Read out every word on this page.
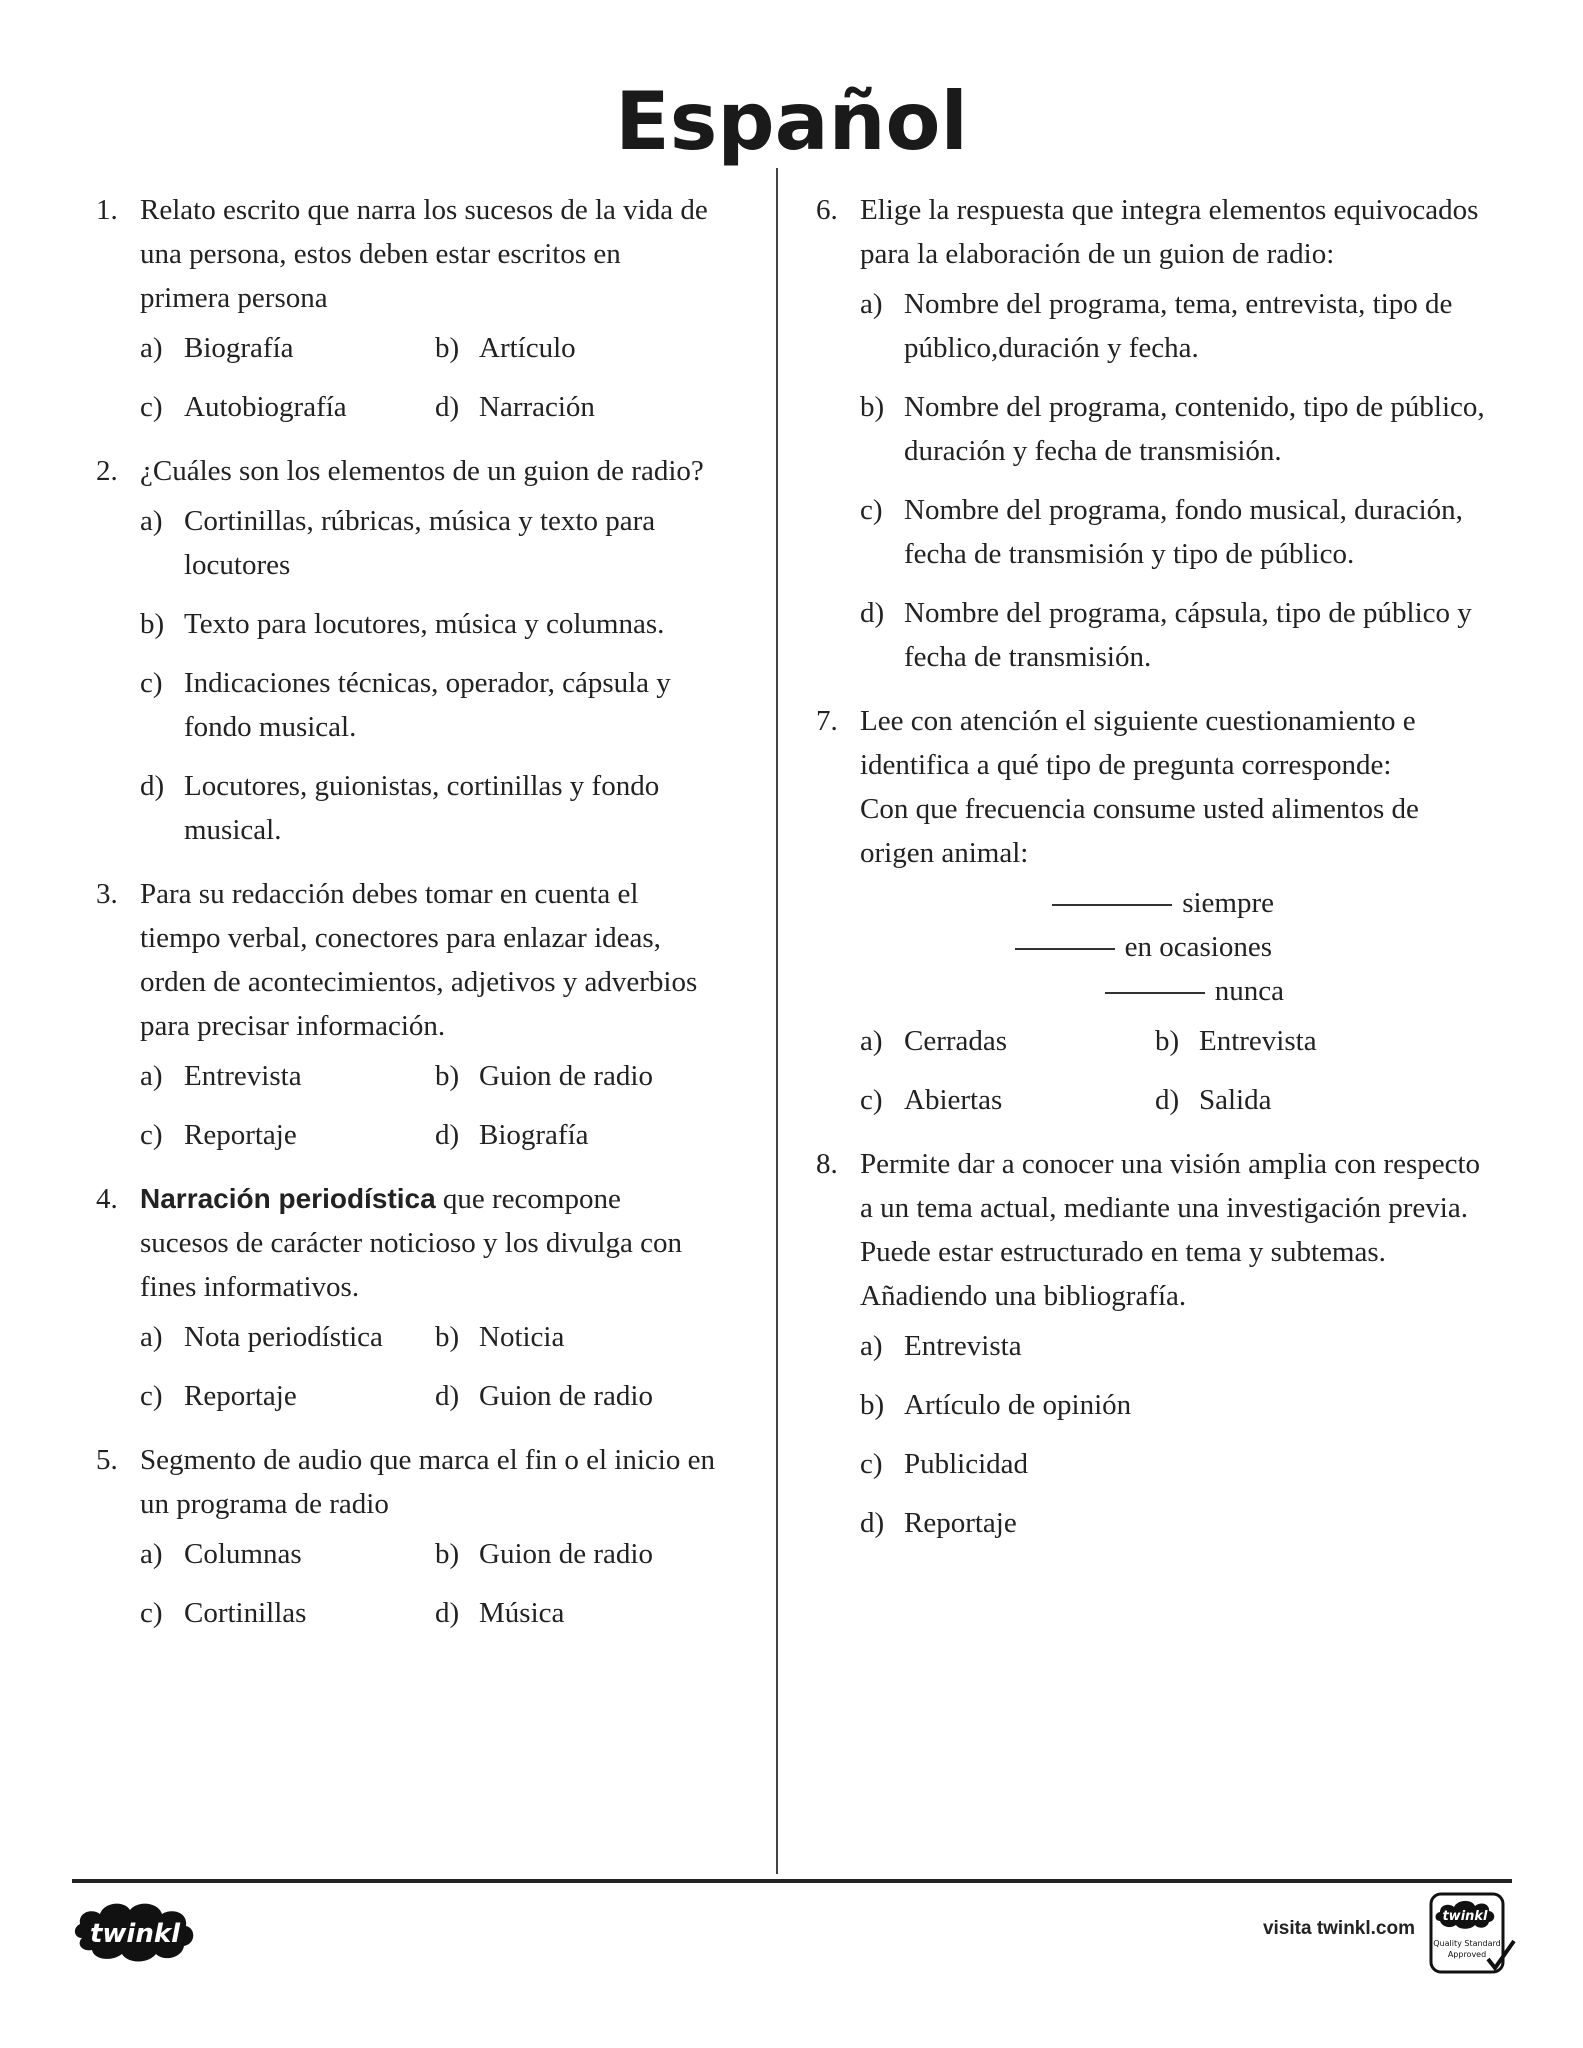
Español
1. Relato escrito que narra los sucesos de la vida de una persona, estos deben estar escritos en primera persona
a) Biografía	b) Artículo
c) Autobiografía	d) Narración
2. ¿Cuáles son los elementos de un guion de radio?
a) Cortinillas, rúbricas, música y texto para locutores
b) Texto para locutores, música y columnas.
c) Indicaciones técnicas, operador, cápsula y fondo musical.
d) Locutores, guionistas, cortinillas y fondo musical.
3. Para su redacción debes tomar en cuenta el tiempo verbal, conectores para enlazar ideas, orden de acontecimientos, adjetivos y adverbios para precisar información.
a) Entrevista	b) Guion de radio
c) Reportaje	d) Biografía
4. Narración periodística que recompone sucesos de carácter noticioso y los divulga con fines informativos.
a) Nota periodística	b) Noticia
c) Reportaje	d) Guion de radio
5. Segmento de audio que marca el fin o el inicio en un programa de radio
a) Columnas	b) Guion de radio
c) Cortinillas	d) Música
6. Elige la respuesta que integra elementos equivocados para la elaboración de un guion de radio:
a) Nombre del programa, tema, entrevista, tipo de público,duración y fecha.
b) Nombre del programa, contenido, tipo de público, duración y fecha de transmisión.
c) Nombre del programa, fondo musical, duración, fecha de transmisión y tipo de público.
d) Nombre del programa, cápsula, tipo de público y fecha de transmisión.
7. Lee con atención el siguiente cuestionamiento e identifica a qué tipo de pregunta corresponde:
Con que frecuencia consume usted alimentos de origen animal:
siempre
en ocasiones
nunca
a) Cerradas	b) Entrevista
c) Abiertas	d) Salida
8. Permite dar a conocer una visión amplia con respecto a un tema actual, mediante una investigación previa. Puede estar estructurado en tema y subtemas. Añadiendo una bibliografía.
a) Entrevista
b) Artículo de opinión
c) Publicidad
d) Reportaje
twinkl	visita twinkl.com
twinkl
Quality Standard
Approved
